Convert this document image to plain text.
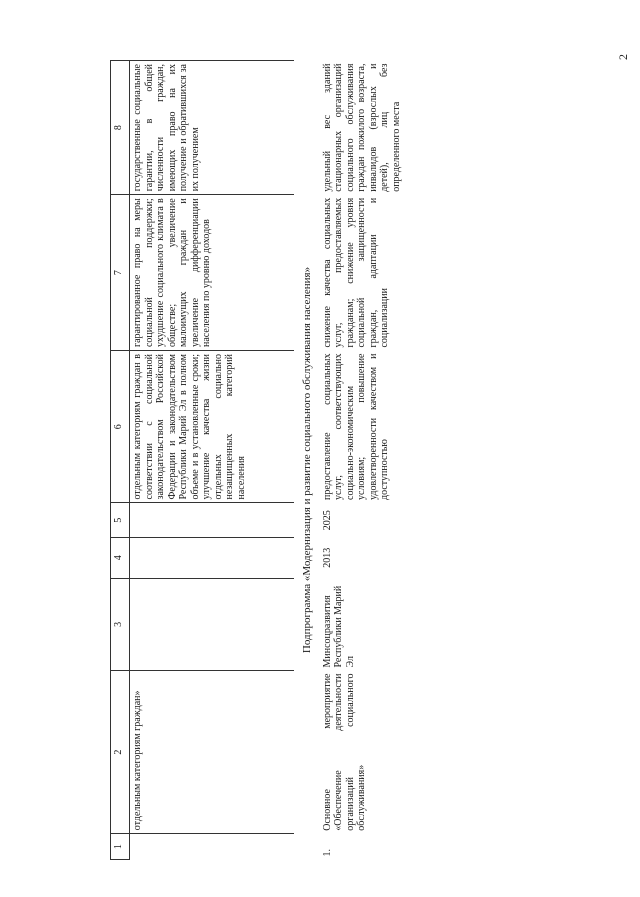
2
1	2	3	4	5	6	7	8
	отдельным категориям граждан»				отдельным категориям граждан в соответствии с социальной законодательством Российской Федерации и законодательством Республики Марий Эл в полном объеме и в установленные сроки; улучшение качества жизни отдельных социально незащищенных категорий населения	гарантированное право на меры социальной поддержки; ухудшение социального климата в обществе; увеличение малоимущих граждан и увеличение дифференциации населения по уровню доходов	государственные социальные гарантии, в общей численности граждан, имеющих право на их получение и обратившихся за их получением
Подпрограмма «Модернизация и развитие социального обслуживания населения»							
1.	Основное мероприятие «Обеспечение деятельности организаций социального обслуживания»	Минсоцразвития Республики Марий Эл	2013	2025	предоставление социальных услуг, соответствующих социально-экономическим условиям; повышение удовлетворенности качеством и доступностью	снижение качества социальных услуг, предоставляемых гражданам; снижение уровня социальной защищенности граждан, адаптации и социализации	удельный вес зданий стационарных организаций социального обслуживания граждан пожилого возраста, инвалидов (взрослых и детей), лиц без определенного места
